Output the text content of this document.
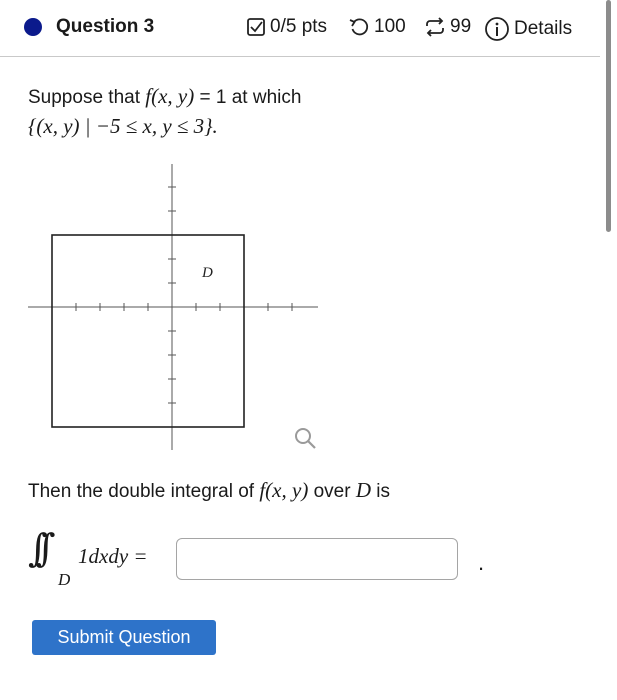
Question 3	0/5 pts 100 99 Details
Suppose that f(x, y) = 1 at which
{(x, y) | −5 ≤ x, y ≤ 3}.
D
Then the double integral of f(x, y) over D is
∫∫
D
1dxdy =	.
Submit Question
